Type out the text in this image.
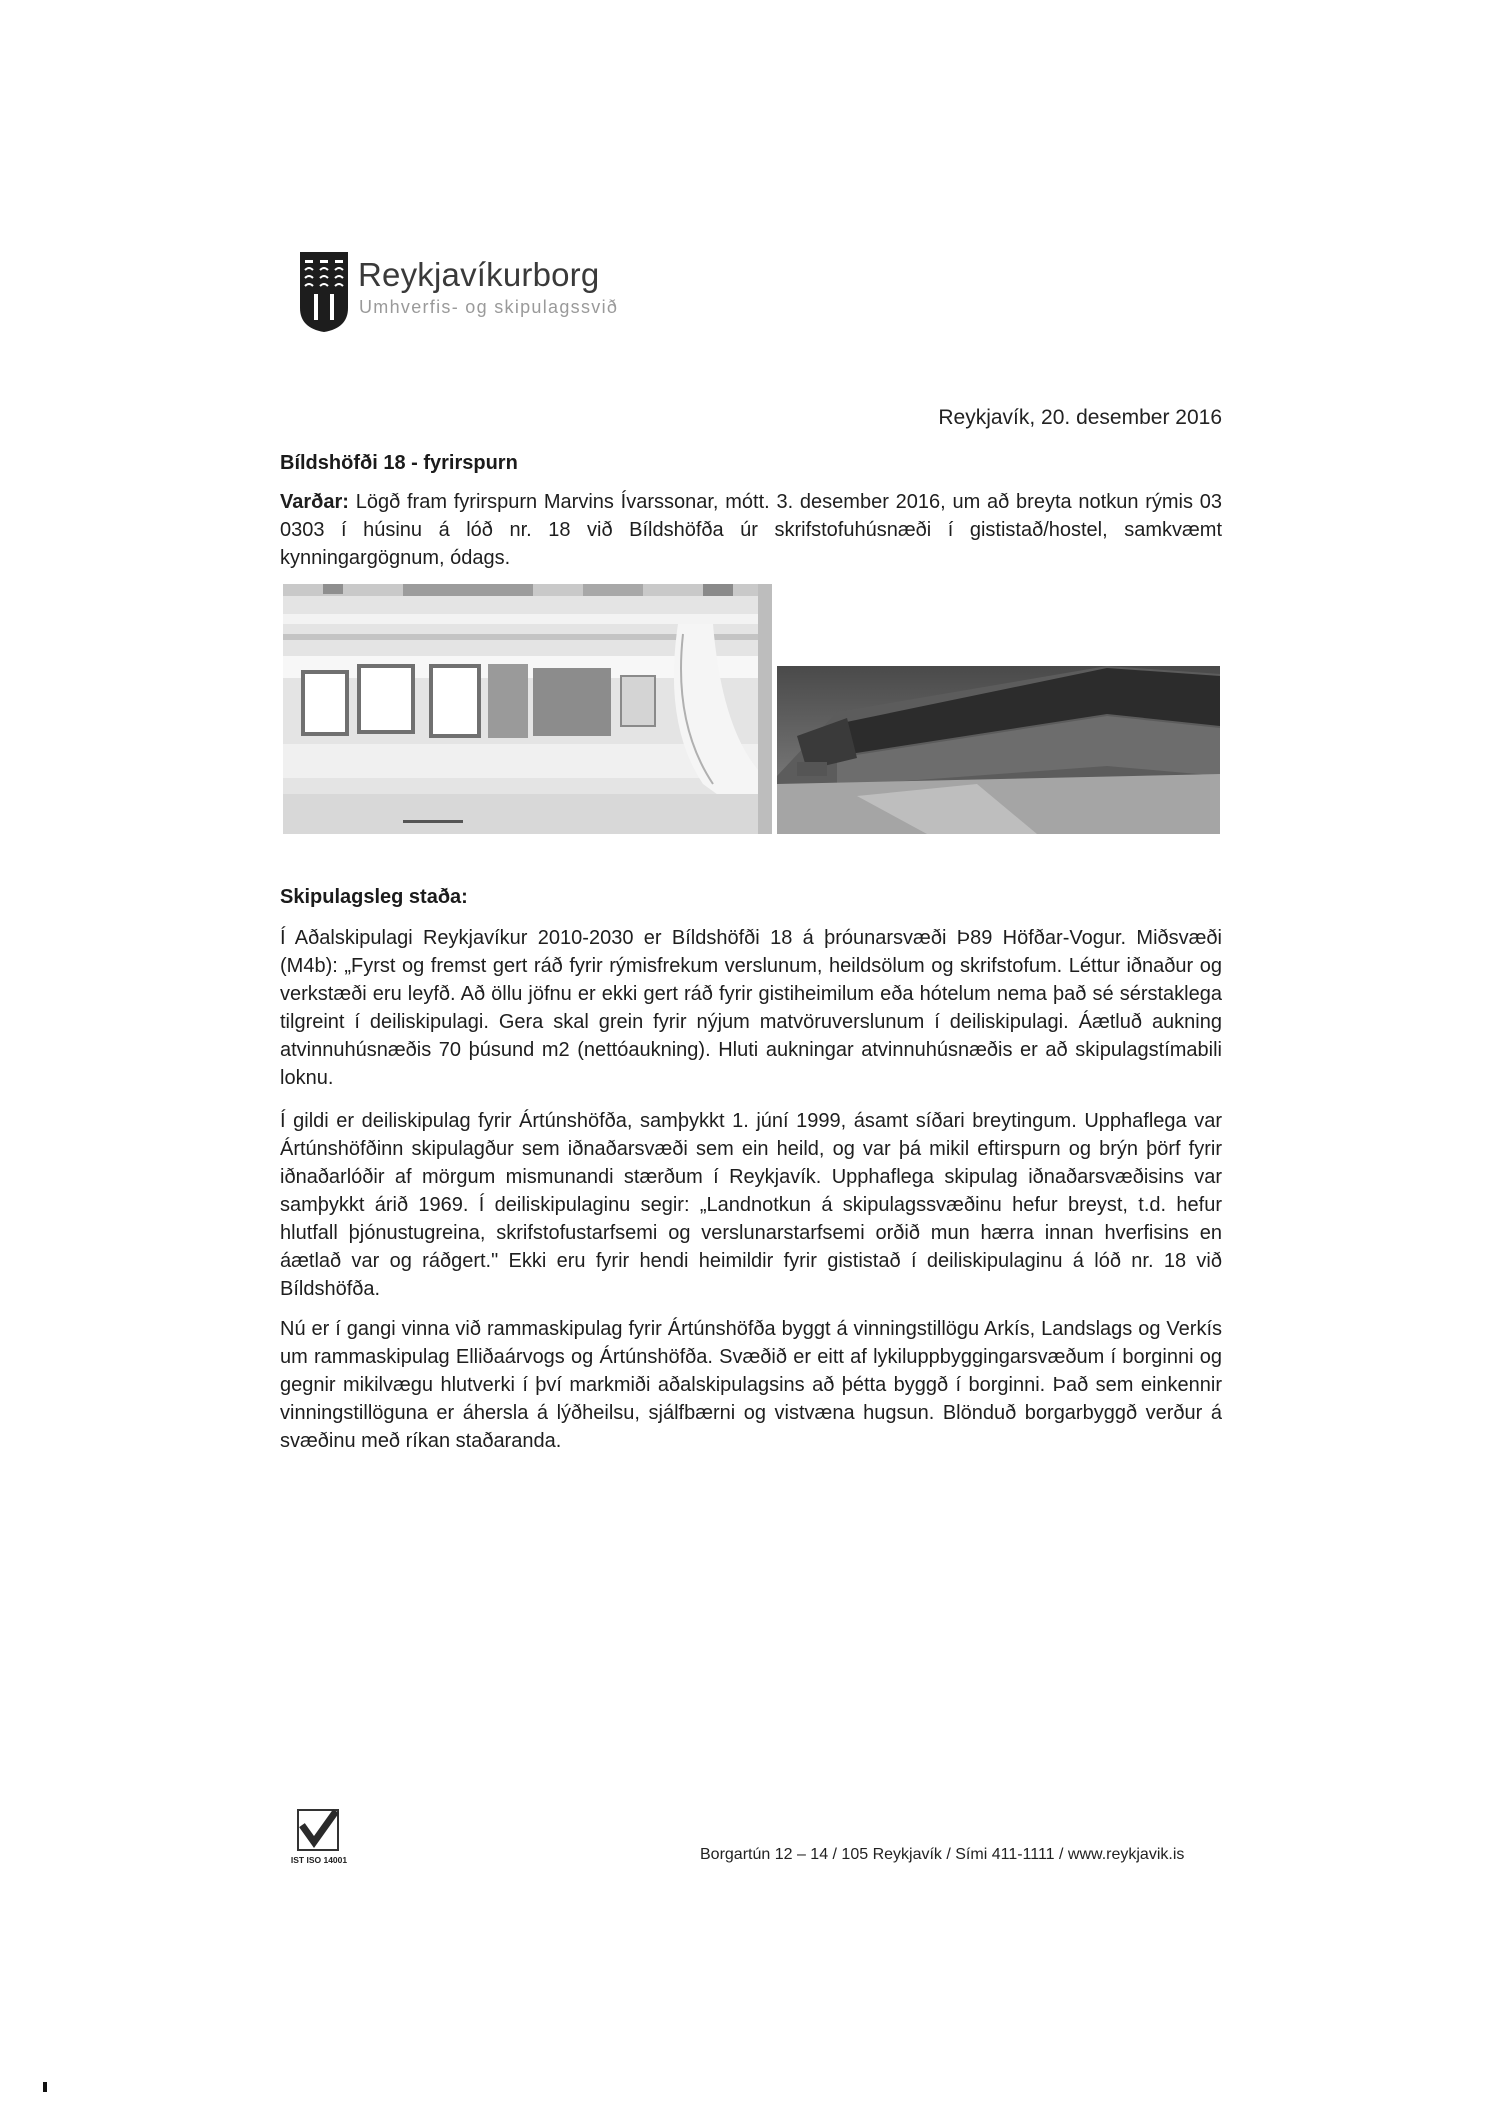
Reykjavíkurborg
Umhverfis- og skipulagssvið
Reykjavík, 20. desember 2016
Bíldshöfði 18 - fyrirspurn
Varðar: Lögð fram fyrirspurn Marvins Ívarssonar, mótt. 3. desember 2016, um að breyta notkun rýmis 03 0303 í húsinu á lóð nr. 18 við Bíldshöfða úr skrifstofuhúsnæði í gististað/hostel, samkvæmt kynningargögnum, ódags.
Skipulagsleg staða:
Í Aðalskipulagi Reykjavíkur 2010-2030 er Bíldshöfði 18 á þróunarsvæði Þ89 Höfðar-Vogur. Miðsvæði (M4b): „Fyrst og fremst gert ráð fyrir rýmisfrekum verslunum, heildsölum og skrifstofum. Léttur iðnaður og verkstæði eru leyfð. Að öllu jöfnu er ekki gert ráð fyrir gistiheimilum eða hótelum nema það sé sérstaklega tilgreint í deiliskipulagi. Gera skal grein fyrir nýjum matvöruverslunum í deiliskipulagi. Áætluð aukning atvinnuhúsnæðis 70 þúsund m2 (nettóaukning). Hluti aukningar atvinnuhúsnæðis er að skipulagstímabili loknu.
Í gildi er deiliskipulag fyrir Ártúnshöfða, samþykkt 1. júní 1999, ásamt síðari breytingum. Upphaflega var Ártúnshöfðinn skipulagður sem iðnaðarsvæði sem ein heild, og var þá mikil eftirspurn og brýn þörf fyrir iðnaðarlóðir af mörgum mismunandi stærðum í Reykjavík. Upphaflega skipulag iðnaðarsvæðisins var samþykkt árið 1969. Í deiliskipulaginu segir: „Landnotkun á skipulagssvæðinu hefur breyst, t.d. hefur hlutfall þjónustugreina, skrifstofustarfsemi og verslunarstarfsemi orðið mun hærra innan hverfisins en áætlað var og ráðgert." Ekki eru fyrir hendi heimildir fyrir gististað í deiliskipulaginu á lóð nr. 18 við Bíldshöfða.
Nú er í gangi vinna við rammaskipulag fyrir Ártúnshöfða byggt á vinningstillögu Arkís, Landslags og Verkís um rammaskipulag Elliðaárvogs og Ártúnshöfða. Svæðið er eitt af lykiluppbyggingarsvæðum í borginni og gegnir mikilvægu hlutverki í því markmiði aðalskipulagsins að þétta byggð í borginni. Það sem einkennir vinningstillöguna er áhersla á lýðheilsu, sjálfbærni og vistvæna hugsun. Blönduð borgarbyggð verður á svæðinu með ríkan staðaranda.
IST ISO 14001	Borgartún 12 – 14 / 105 Reykjavík / Sími 411-1111 / www.reykjavik.is
